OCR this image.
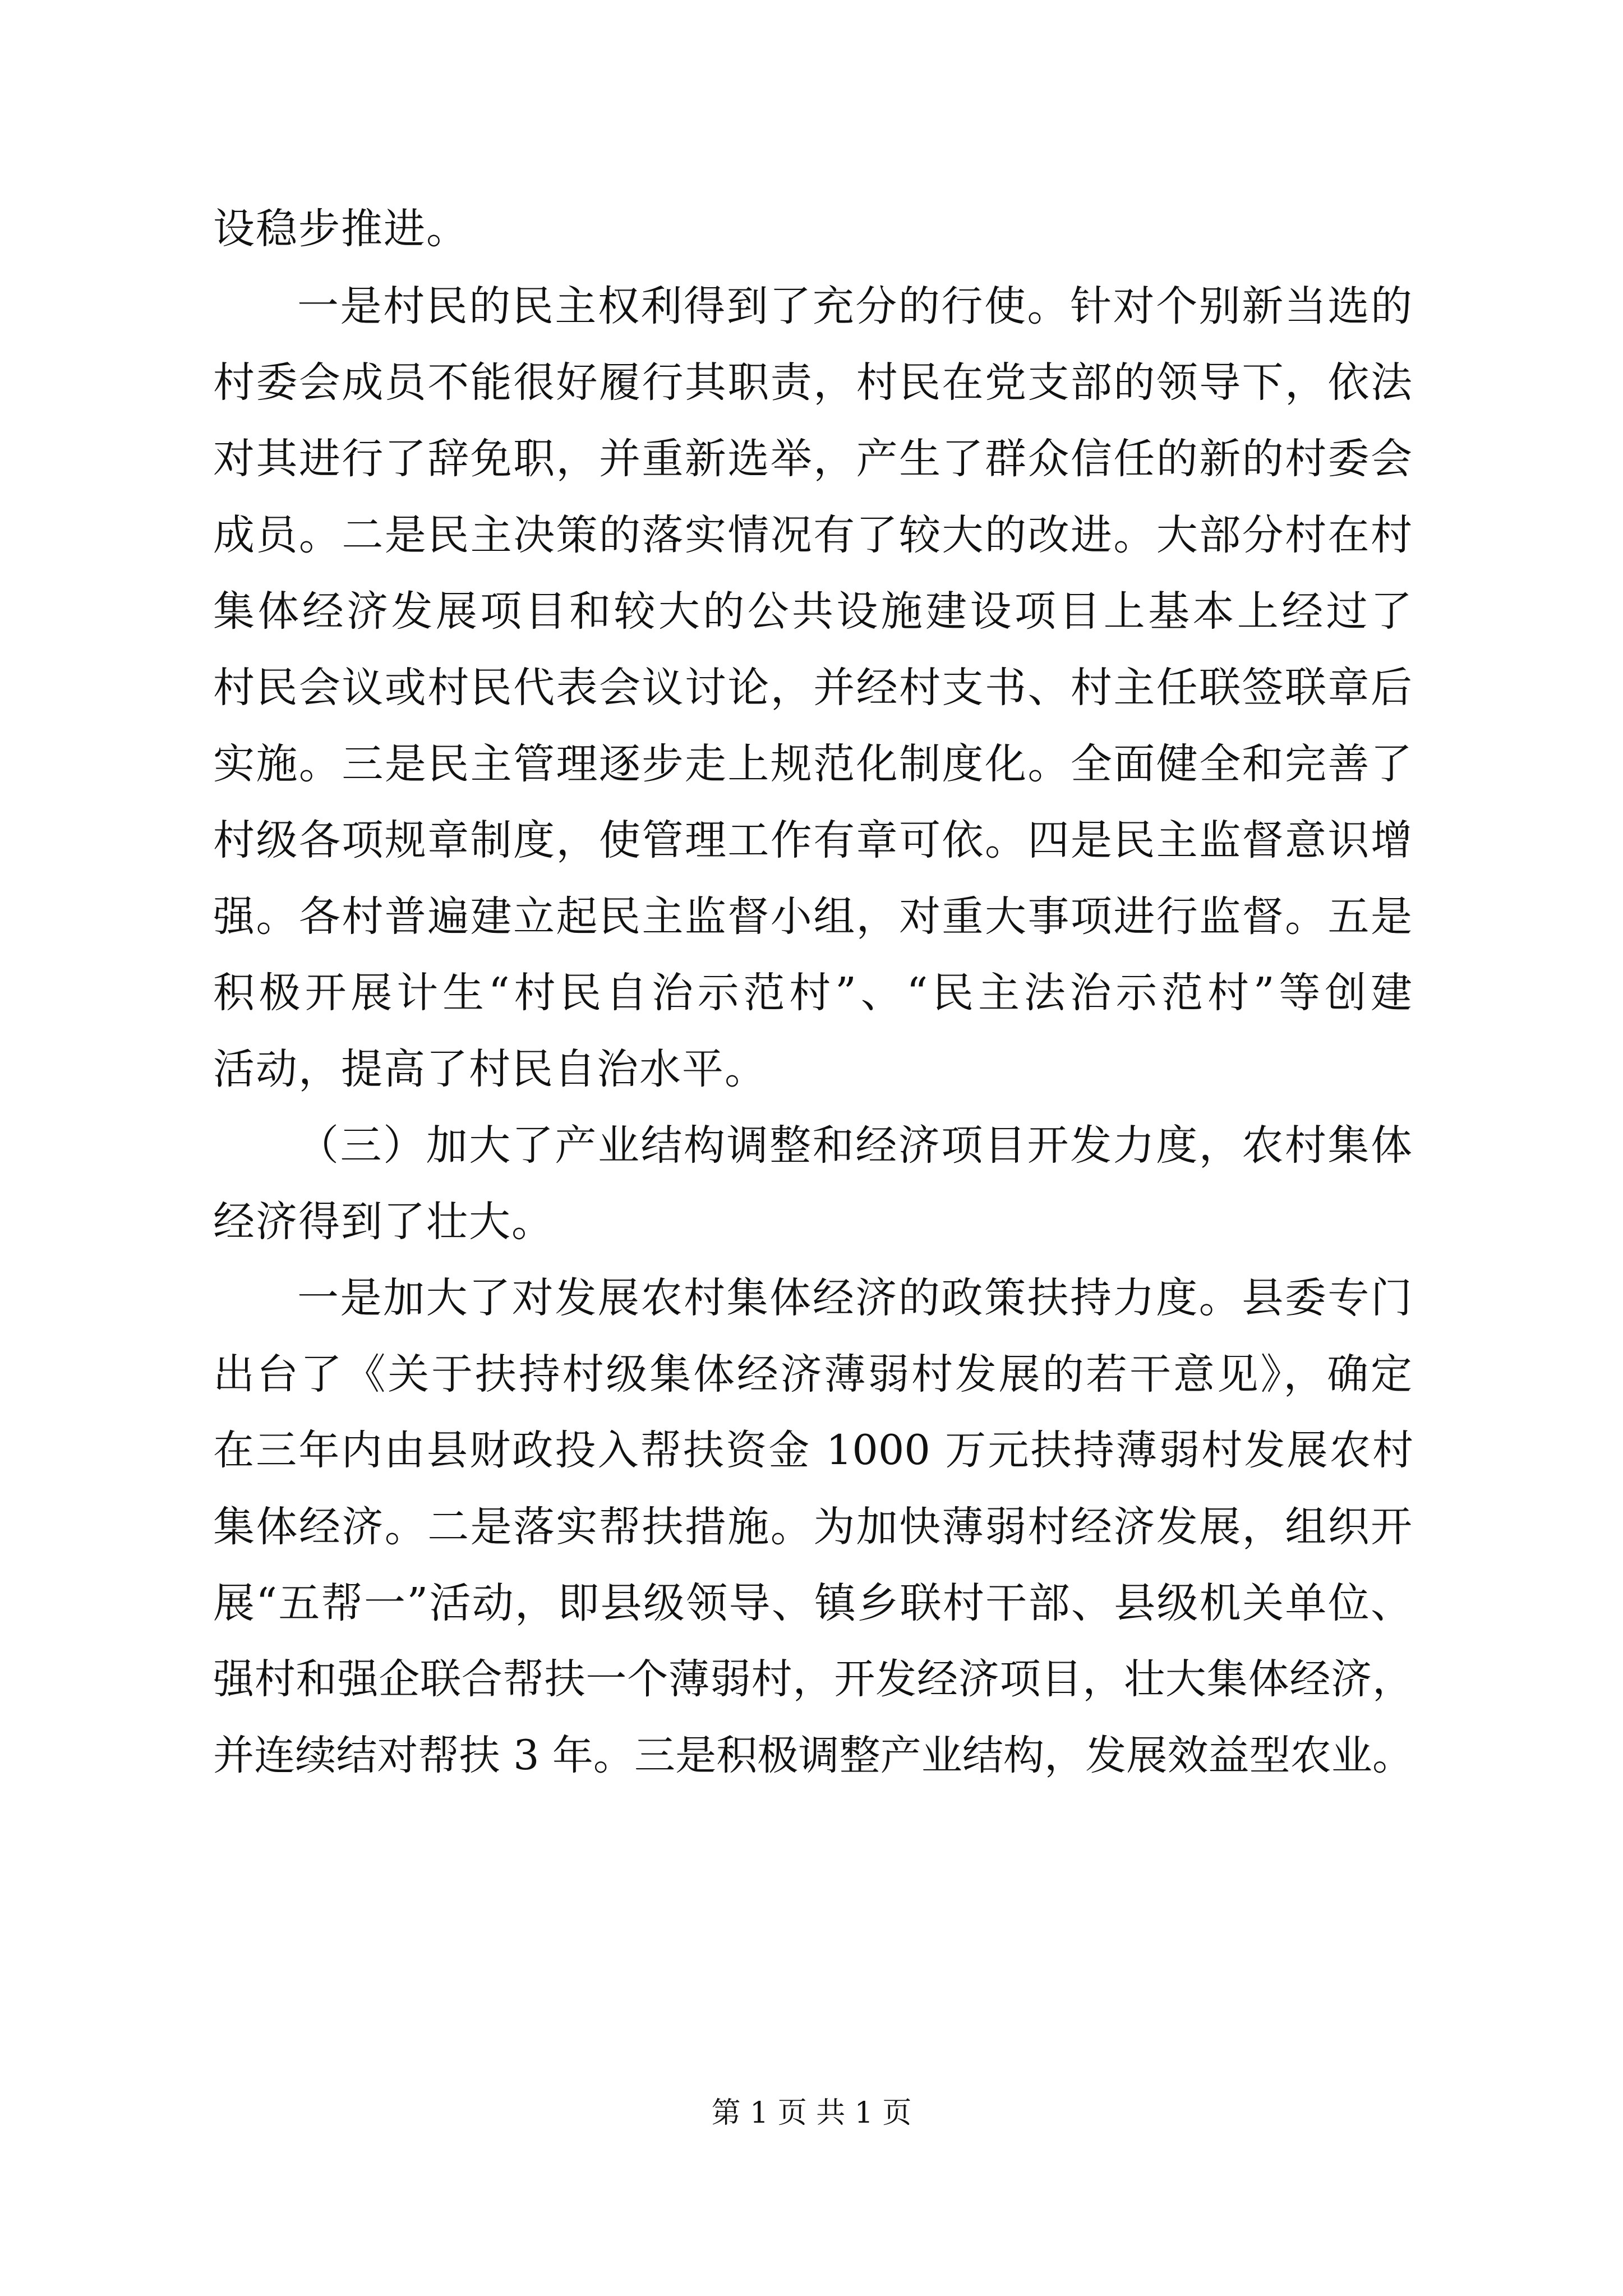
设稳步推进。
一是村民的民主权利得到了充分的行使。针对个别新当选的
村委会成员不能很好履行其职责，村民在党支部的领导下，依法
对其进行了辞免职，并重新选举，产生了群众信任的新的村委会
成员。二是民主决策的落实情况有了较大的改进。大部分村在村
集体经济发展项目和较大的公共设施建设项目上基本上经过了
村民会议或村民代表会议讨论，并经村支书、村主任联签联章后
实施。三是民主管理逐步走上规范化制度化。全面健全和完善了
村级各项规章制度，使管理工作有章可依。四是民主监督意识增
强。各村普遍建立起民主监督小组，对重大事项进行监督。五是
积极开展计生“村民自治示范村”、“民主法治示范村”等创建
活动，提高了村民自治水平。
（三）加大了产业结构调整和经济项目开发力度，农村集体
经济得到了壮大。
一是加大了对发展农村集体经济的政策扶持力度。县委专门
出台了《关于扶持村级集体经济薄弱村发展的若干意见》，确定
在三年内由县财政投入帮扶资金 1000 万元扶持薄弱村发展农村
集体经济。二是落实帮扶措施。为加快薄弱村经济发展，组织开
展“五帮一”活动，即县级领导、镇乡联村干部、县级机关单位、
强村和强企联合帮扶一个薄弱村，开发经济项目，壮大集体经济，
并连续结对帮扶 3 年。三是积极调整产业结构，发展效益型农业。
第 1 页 共 1 页
